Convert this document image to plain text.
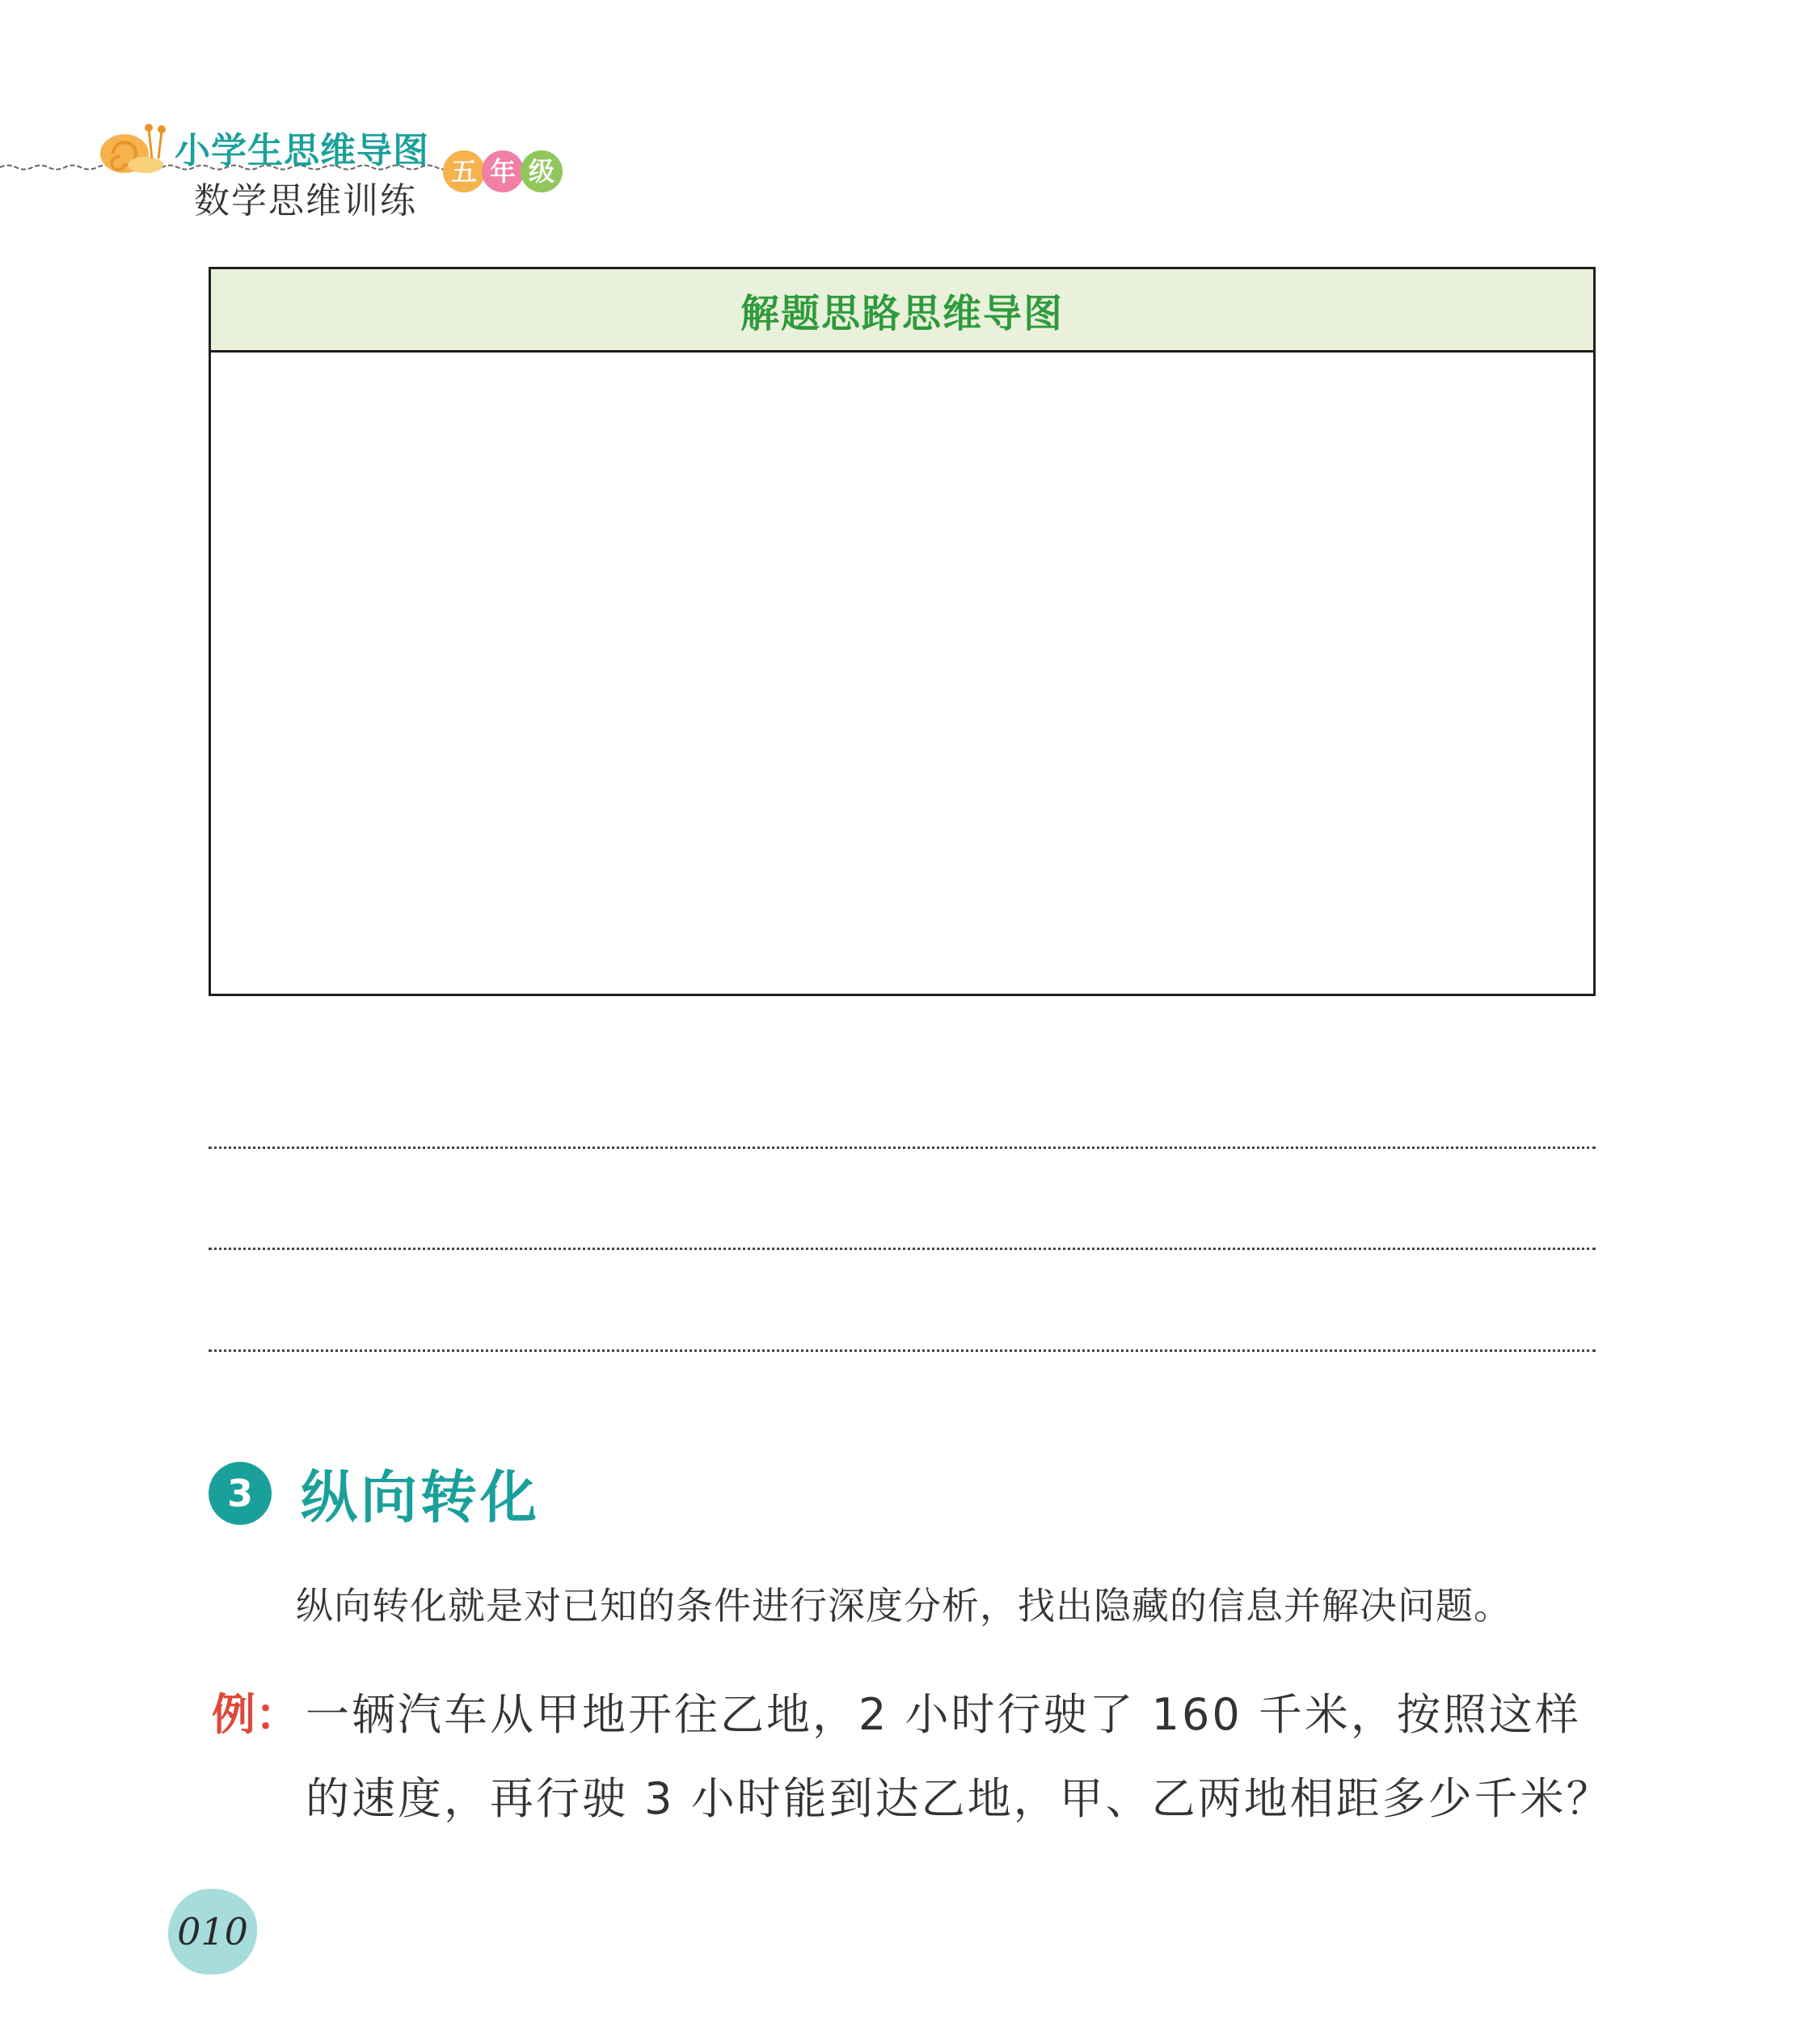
小学生思维导图
数学思维训练
五 年 级
解题思路思维导图
3 纵向转化
纵向转化就是对已知的条件进行深度分析，找出隐藏的信息并解决问题。
例： 一辆汽车从甲地开往乙地，2 小时行驶了 160 千米，按照这样
的速度，再行驶 3 小时能到达乙地，甲、乙两地相距多少千米？
010
